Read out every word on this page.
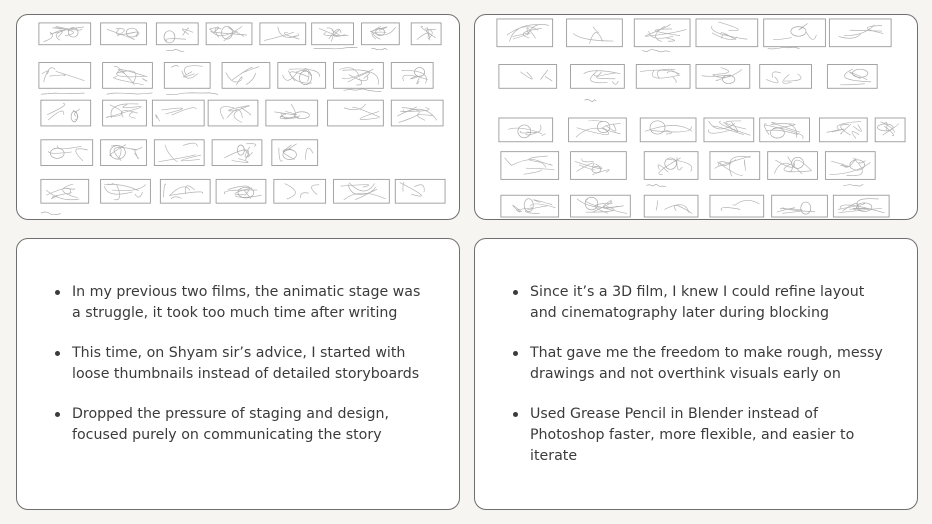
In my previous two films, the animatic stage was a struggle, it took too much time after writing
This time, on Shyam sir’s advice, I started with loose thumbnails instead of detailed storyboards
Dropped the pressure of staging and design, focused purely on communicating the story
Since it’s a 3D film, I knew I could refine layout and cinematography later during blocking
That gave me the freedom to make rough, messy drawings and not overthink visuals early on
Used Grease Pencil in Blender instead of Photoshop faster, more flexible, and easier to iterate
